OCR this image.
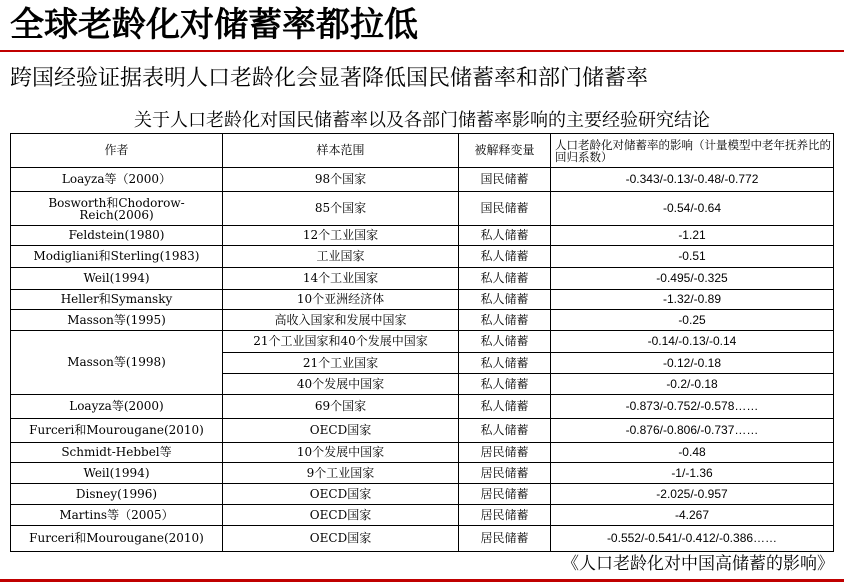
全球老龄化对储蓄率都拉低
跨国经验证据表明人口老龄化会显著降低国民储蓄率和部门储蓄率
关于人口老龄化对国民储蓄率以及各部门储蓄率影响的主要经验研究结论
作者	样本范围	被解释变量	人口老龄化对储蓄率的影响（计量模型中老年抚养比的回归系数）
Loayza等（2000）	98个国家	国民储蓄	-0.343/-0.13/-0.48/-0.772
Bosworth和Chodorow-Reich(2006)	85个国家	国民储蓄	-0.54/-0.64
Feldstein(1980)	12个工业国家	私人储蓄	-1.21
Modigliani和Sterling(1983)	工业国家	私人储蓄	-0.51
Weil(1994)	14个工业国家	私人储蓄	-0.495/-0.325
Heller和Symansky	10个亚洲经济体	私人储蓄	-1.32/-0.89
Masson等(1995)	高收入国家和发展中国家	私人储蓄	-0.25
Masson等(1998)	21个工业国家和40个发展中国家	私人储蓄	-0.14/-0.13/-0.14
	21个工业国家	私人储蓄	-0.12/-0.18
	40个发展中国家	私人储蓄	-0.2/-0.18
Loayza等(2000)	69个国家	私人储蓄	-0.873/-0.752/-0.578……
Furceri和Mourougane(2010)	OECD国家	私人储蓄	-0.876/-0.806/-0.737……
Schmidt-Hebbel等	10个发展中国家	居民储蓄	-0.48
Weil(1994)	9个工业国家	居民储蓄	-1/-1.36
Disney(1996)	OECD国家	居民储蓄	-2.025/-0.957
Martins等（2005）	OECD国家	居民储蓄	-4.267
Furceri和Mourougane(2010)	OECD国家	居民储蓄	-0.552/-0.541/-0.412/-0.386……
《人口老龄化对中国高储蓄的影响》
